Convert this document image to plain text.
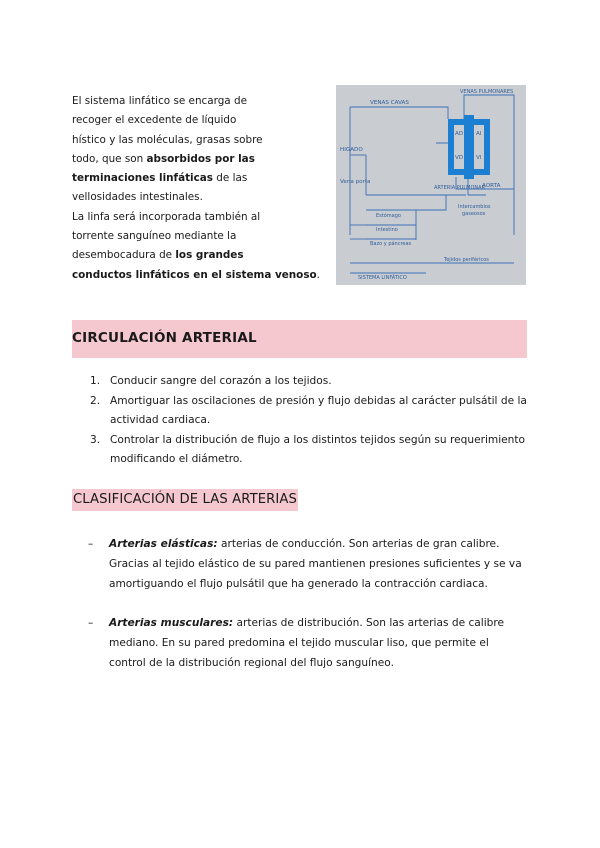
El sistema linfático se encarga de
recoger el excedente de líquido
hístico y las moléculas, grasas sobre
todo, que son absorbidos por las
terminaciones linfáticas de las
vellosidades intestinales.
La linfa será incorporada también al
torrente sanguíneo mediante la
desembocadura de los grandes
conductos linfáticos en el sistema venoso.
VENAS CAVAS
VENAS PULMONARES
AD AI
VD VI
HIGADO
Vena porta
ARTERIA PULMONAR
AORTA
Intercambios
gaseosos
Estómago
Intestino
Bazo y páncreas
Tejidos periféricos
SISTEMA LINFÁTICO
CIRCULACIÓN ARTERIAL
1. Conducir sangre del corazón a los tejidos.
2. Amortiguar las oscilaciones de presión y flujo debidas al carácter pulsátil de la actividad cardiaca.
3. Controlar la distribución de flujo a los distintos tejidos según su requerimiento modificando el diámetro.
CLASIFICACIÓN DE LAS ARTERIAS
– Arterias elásticas: arterias de conducción. Son arterias de gran calibre. Gracias al tejido elástico de su pared mantienen presiones suficientes y se va amortiguando el flujo pulsátil que ha generado la contracción cardiaca.
– Arterias musculares: arterias de distribución. Son las arterias de calibre mediano. En su pared predomina el tejido muscular liso, que permite el control de la distribución regional del flujo sanguíneo.
